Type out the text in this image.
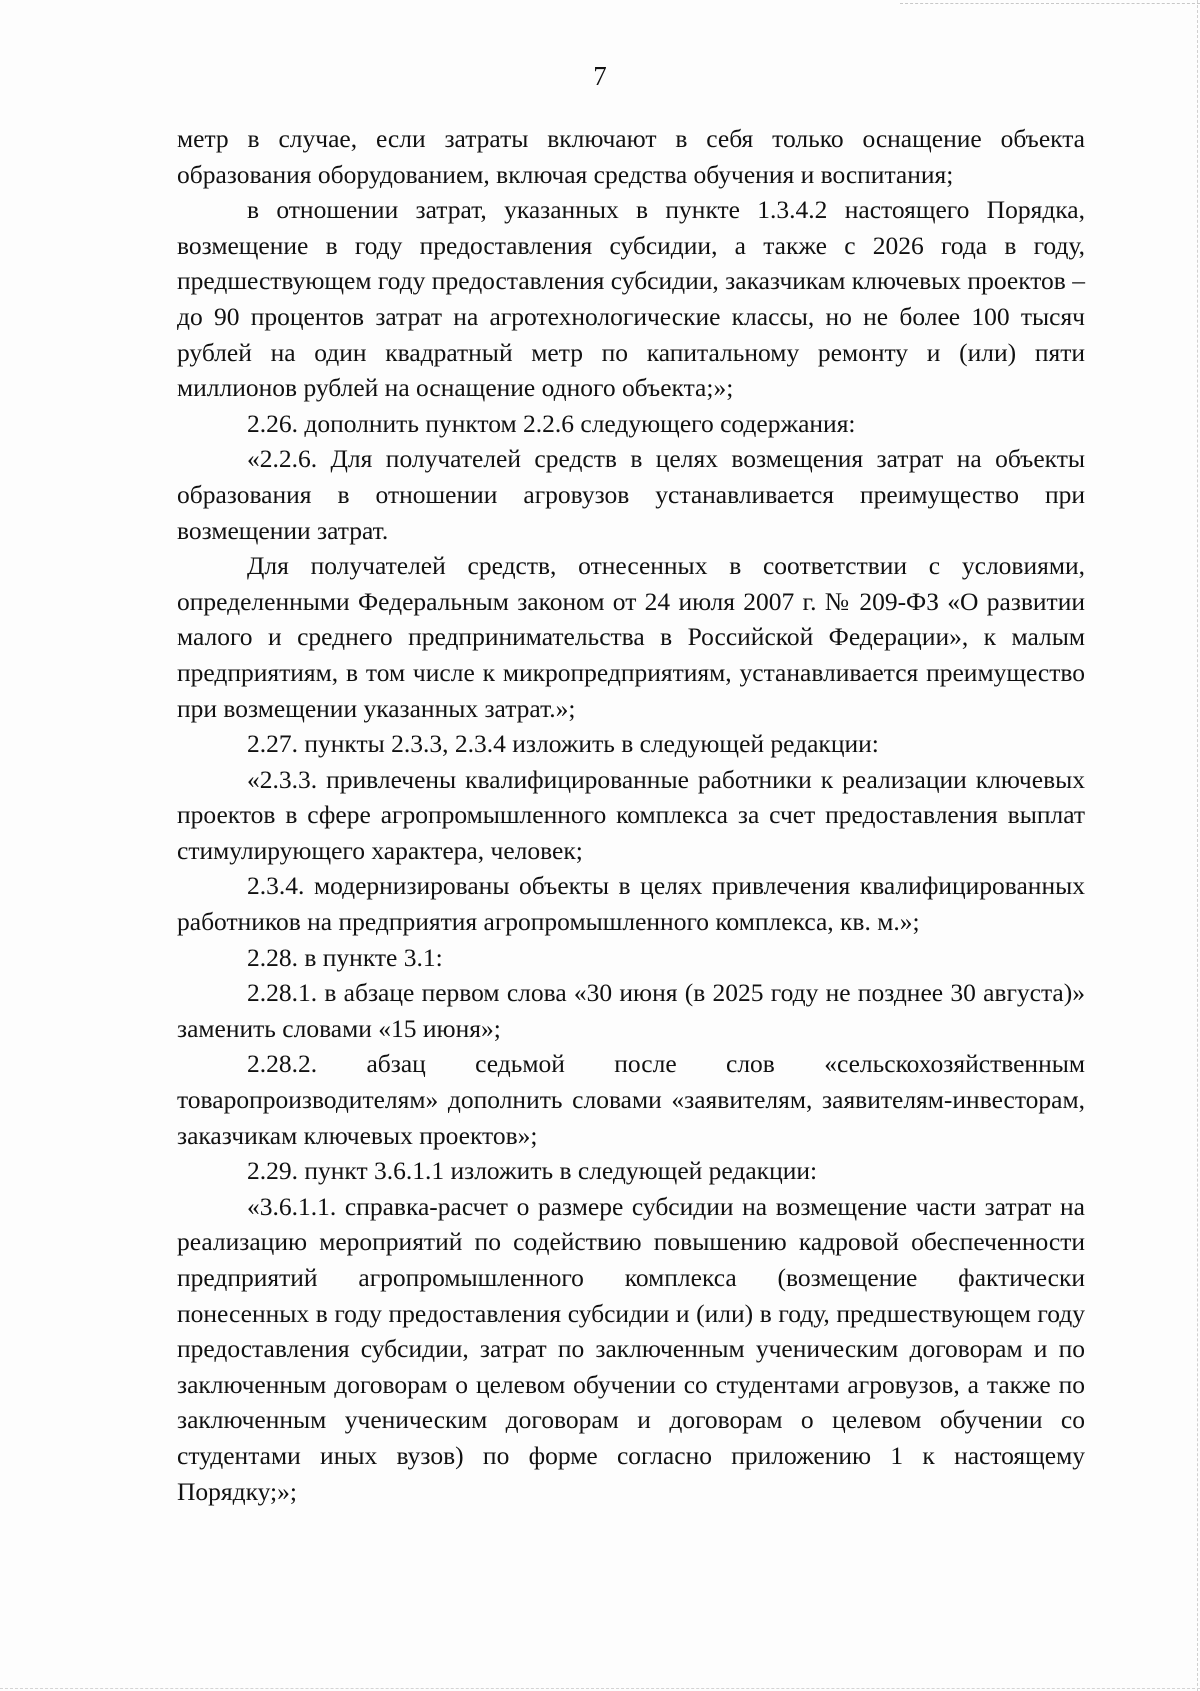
7

метр в случае, если затраты включают в себя только оснащение объекта образования оборудованием, включая средства обучения и воспитания;

в отношении затрат, указанных в пункте 1.3.4.2 настоящего Порядка, возмещение в году предоставления субсидии, а также с 2026 года в году, предшествующем году предоставления субсидии, заказчикам ключевых проектов – до 90 процентов затрат на агротехнологические классы, но не более 100 тысяч рублей на один квадратный метр по капитальному ремонту и (или) пяти миллионов рублей на оснащение одного объекта;»;

2.26. дополнить пунктом 2.2.6 следующего содержания:

«2.2.6. Для получателей средств в целях возмещения затрат на объекты образования в отношении агровузов устанавливается преимущество при возмещении затрат.

Для получателей средств, отнесенных в соответствии с условиями, определенными Федеральным законом от 24 июля 2007 г. № 209-ФЗ «О развитии малого и среднего предпринимательства в Российской Федерации», к малым предприятиям, в том числе к микропредприятиям, устанавливается преимущество при возмещении указанных затрат.»;

2.27. пункты 2.3.3, 2.3.4 изложить в следующей редакции:

«2.3.3. привлечены квалифицированные работники к реализации ключевых проектов в сфере агропромышленного комплекса за счет предоставления выплат стимулирующего характера, человек;

2.3.4. модернизированы объекты в целях привлечения квалифицированных работников на предприятия агропромышленного комплекса, кв. м.»;

2.28. в пункте 3.1:

2.28.1. в абзаце первом слова «30 июня (в 2025 году не позднее 30 августа)» заменить словами «15 июня»;

2.28.2. абзац седьмой после слов «сельскохозяйственным товаропроизводителям» дополнить словами «заявителям, заявителям-инвесторам, заказчикам ключевых проектов»;

2.29. пункт 3.6.1.1 изложить в следующей редакции:

«3.6.1.1. справка-расчет о размере субсидии на возмещение части затрат на реализацию мероприятий по содействию повышению кадровой обеспеченности предприятий агропромышленного комплекса (возмещение фактически понесенных в году предоставления субсидии и (или) в году, предшествующем году предоставления субсидии, затрат по заключенным ученическим договорам и по заключенным договорам о целевом обучении со студентами агровузов, а также по заключенным ученическим договорам и договорам о целевом обучении со студентами иных вузов) по форме согласно приложению 1 к настоящему Порядку;»;
